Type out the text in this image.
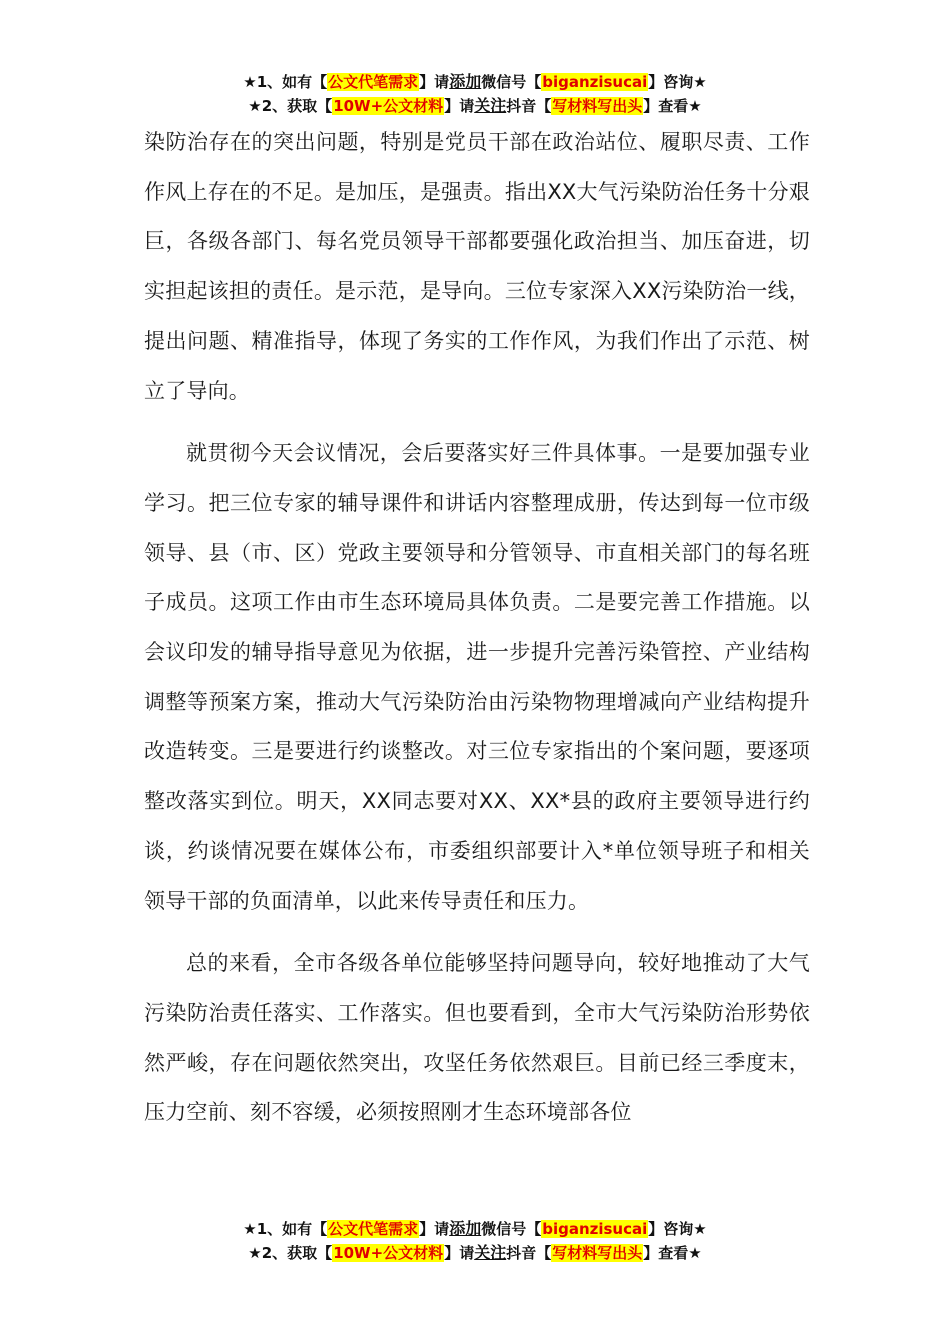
★1、如有【公文代笔需求】请添加微信号【biganzisucai】咨询★
★2、获取【10W+公文材料】请关注抖音【写材料写出头】查看★

染防治存在的突出问题，特别是党员干部在政治站位、履职尽责、工作作风上存在的不足。是加压，是强责。指出XX大气污染防治任务十分艰巨，各级各部门、每名党员领导干部都要强化政治担当、加压奋进，切实担起该担的责任。是示范，是导向。三位专家深入XX污染防治一线，提出问题、精准指导，体现了务实的工作作风，为我们作出了示范、树立了导向。

就贯彻今天会议情况，会后要落实好三件具体事。一是要加强专业学习。把三位专家的辅导课件和讲话内容整理成册，传达到每一位市级领导、县（市、区）党政主要领导和分管领导、市直相关部门的每名班子成员。这项工作由市生态环境局具体负责。二是要完善工作措施。以会议印发的辅导指导意见为依据，进一步提升完善污染管控、产业结构调整等预案方案，推动大气污染防治由污染物物理增减向产业结构提升改造转变。三是要进行约谈整改。对三位专家指出的个案问题，要逐项整改落实到位。明天，XX同志要对XX、XX*县的政府主要领导进行约谈，约谈情况要在媒体公布，市委组织部要计入*单位领导班子和相关领导干部的负面清单，以此来传导责任和压力。

总的来看，全市各级各单位能够坚持问题导向，较好地推动了大气污染防治责任落实、工作落实。但也要看到，全市大气污染防治形势依然严峻，存在问题依然突出，攻坚任务依然艰巨。目前已经三季度末，压力空前、刻不容缓，必须按照刚才生态环境部各位

★1、如有【公文代笔需求】请添加微信号【biganzisucai】咨询★
★2、获取【10W+公文材料】请关注抖音【写材料写出头】查看★
